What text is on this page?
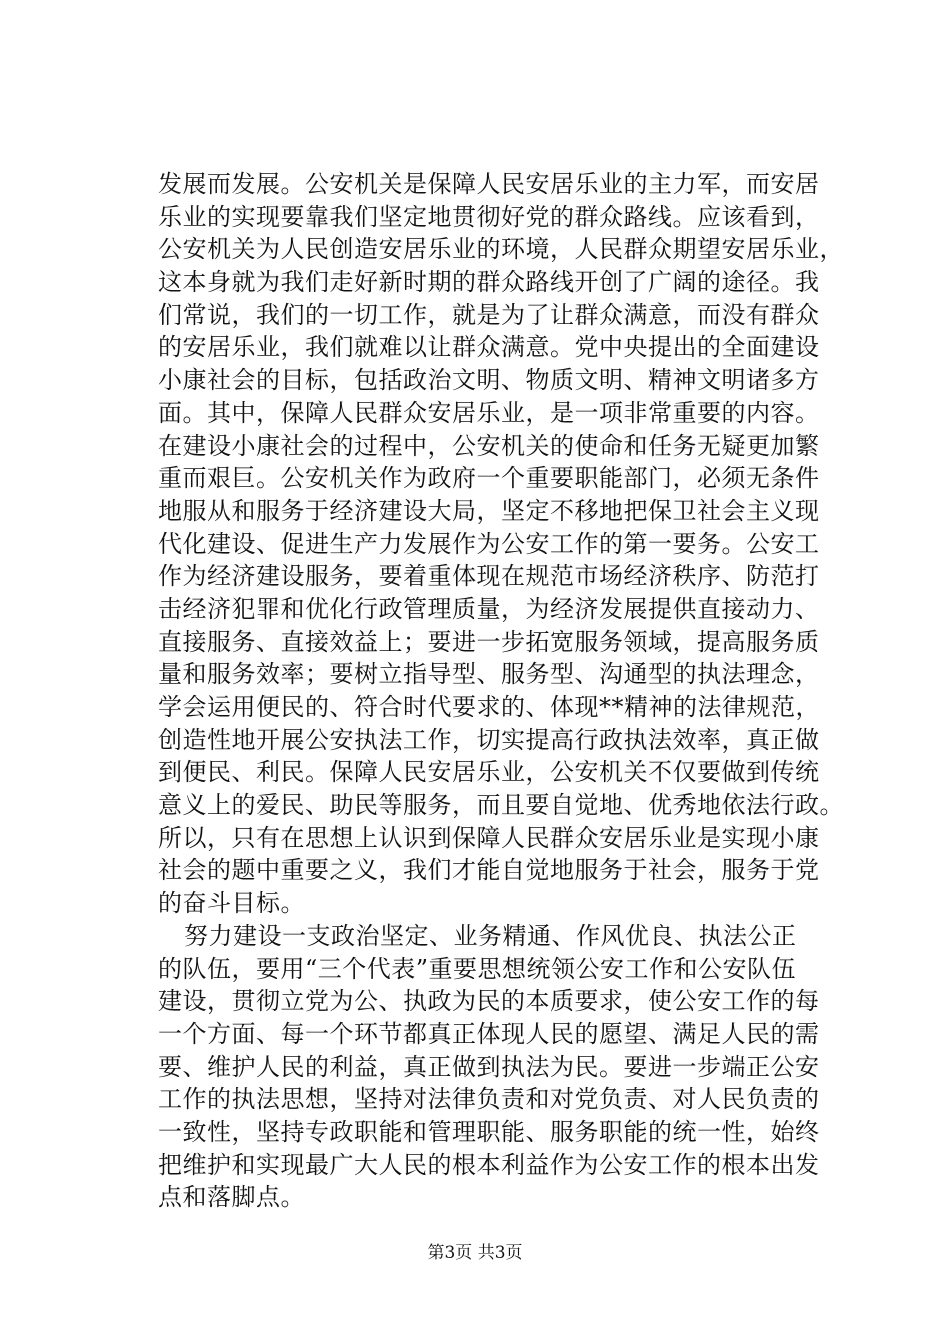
发展而发展。公安机关是保障人民安居乐业的主力军，而安居
乐业的实现要靠我们坚定地贯彻好党的群众路线。应该看到，
公安机关为人民创造安居乐业的环境，人民群众期望安居乐业，
这本身就为我们走好新时期的群众路线开创了广阔的途径。我
们常说，我们的一切工作，就是为了让群众满意，而没有群众
的安居乐业，我们就难以让群众满意。党中央提出的全面建设
小康社会的目标，包括政治文明、物质文明、精神文明诸多方
面。其中，保障人民群众安居乐业，是一项非常重要的内容。
在建设小康社会的过程中，公安机关的使命和任务无疑更加繁
重而艰巨。公安机关作为政府一个重要职能部门，必须无条件
地服从和服务于经济建设大局，坚定不移地把保卫社会主义现
代化建设、促进生产力发展作为公安工作的第一要务。公安工
作为经济建设服务，要着重体现在规范市场经济秩序、防范打
击经济犯罪和优化行政管理质量，为经济发展提供直接动力、
直接服务、直接效益上；要进一步拓宽服务领域，提高服务质
量和服务效率；要树立指导型、服务型、沟通型的执法理念，
学会运用便民的、符合时代要求的、体现**精神的法律规范，
创造性地开展公安执法工作，切实提高行政执法效率，真正做
到便民、利民。保障人民安居乐业，公安机关不仅要做到传统
意义上的爱民、助民等服务，而且要自觉地、优秀地依法行政。
所以，只有在思想上认识到保障人民群众安居乐业是实现小康
社会的题中重要之义，我们才能自觉地服务于社会，服务于党
的奋斗目标。
努力建设一支政治坚定、业务精通、作风优良、执法公正
的队伍，要用“三个代表”重要思想统领公安工作和公安队伍
建设，贯彻立党为公、执政为民的本质要求，使公安工作的每
一个方面、每一个环节都真正体现人民的愿望、满足人民的需
要、维护人民的利益，真正做到执法为民。要进一步端正公安
工作的执法思想，坚持对法律负责和对党负责、对人民负责的
一致性，坚持专政职能和管理职能、服务职能的统一性，始终
把维护和实现最广大人民的根本利益作为公安工作的根本出发
点和落脚点。
第3页 共3页
